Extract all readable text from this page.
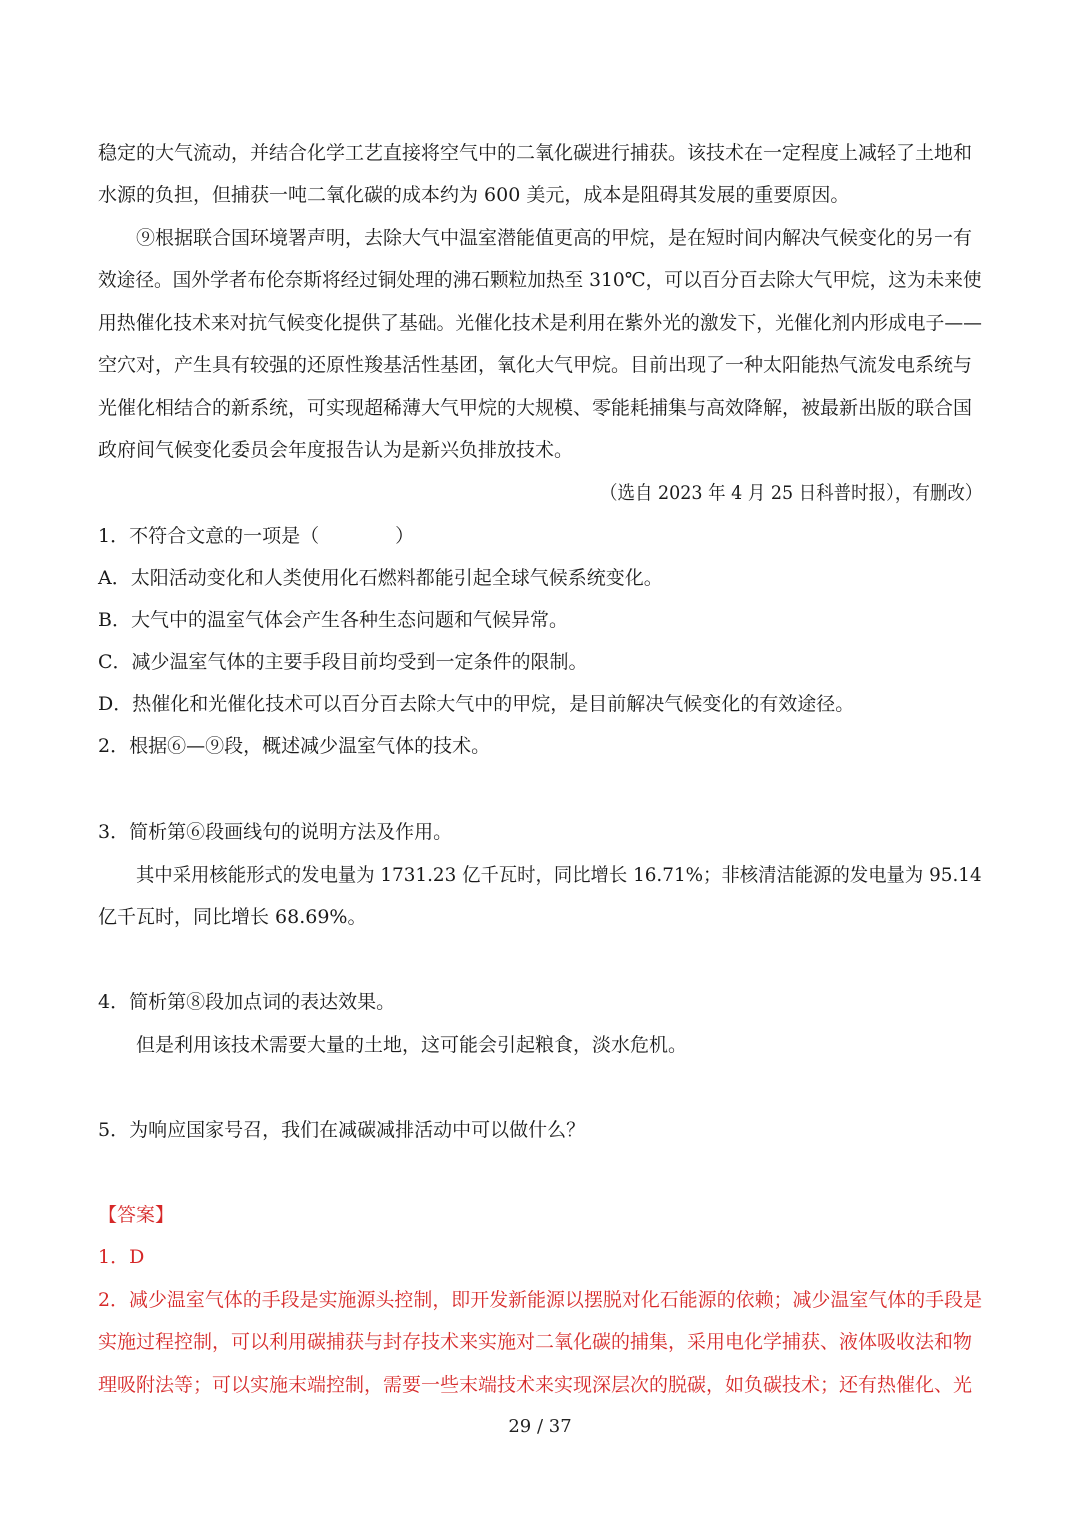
稳定的大气流动，并结合化学工艺直接将空气中的二氧化碳进行捕获。该技术在一定程度上减轻了土地和

水源的负担，但捕获一吨二氧化碳的成本约为 600 美元，成本是阻碍其发展的重要原因。

⑨根据联合国环境署声明，去除大气中温室潜能值更高的甲烷，是在短时间内解决气候变化的另一有

效途径。国外学者布伦奈斯将经过铜处理的沸石颗粒加热至 310℃，可以百分百去除大气甲烷，这为未来使

用热催化技术来对抗气候变化提供了基础。光催化技术是利用在紫外光的激发下，光催化剂内形成电子——

空穴对，产生具有较强的还原性羧基活性基团，氧化大气甲烷。目前出现了一种太阳能热气流发电系统与

光催化相结合的新系统，可实现超稀薄大气甲烷的大规模、零能耗捕集与高效降解，被最新出版的联合国

政府间气候变化委员会年度报告认为是新兴负排放技术。

（选自 2023 年 4 月 25 日科普时报），有删改）

1．不符合文意的一项是（　　　　）

A．太阳活动变化和人类使用化石燃料都能引起全球气候系统变化。

B．大气中的温室气体会产生各种生态问题和气候异常。

C．减少温室气体的主要手段目前均受到一定条件的限制。

D．热催化和光催化技术可以百分百去除大气中的甲烷，是目前解决气候变化的有效途径。

2．根据⑥—⑨段，概述减少温室气体的技术。

3．简析第⑥段画线句的说明方法及作用。

其中采用核能形式的发电量为 1731.23 亿千瓦时，同比增长 16.71%；非核清洁能源的发电量为 95.14

亿千瓦时，同比增长 68.69%。

4．简析第⑧段加点词的表达效果。

但是利用该技术需要大量的土地，这可能会引起粮食，淡水危机。

5．为响应国家号召，我们在减碳减排活动中可以做什么？

【答案】

1．D

2．减少温室气体的手段是实施源头控制，即开发新能源以摆脱对化石能源的依赖；减少温室气体的手段是

实施过程控制，可以利用碳捕获与封存技术来实施对二氧化碳的捕集，采用电化学捕获、液体吸收法和物

理吸附法等；可以实施末端控制，需要一些末端技术来实现深层次的脱碳，如负碳技术；还有热催化、光

29 / 37
